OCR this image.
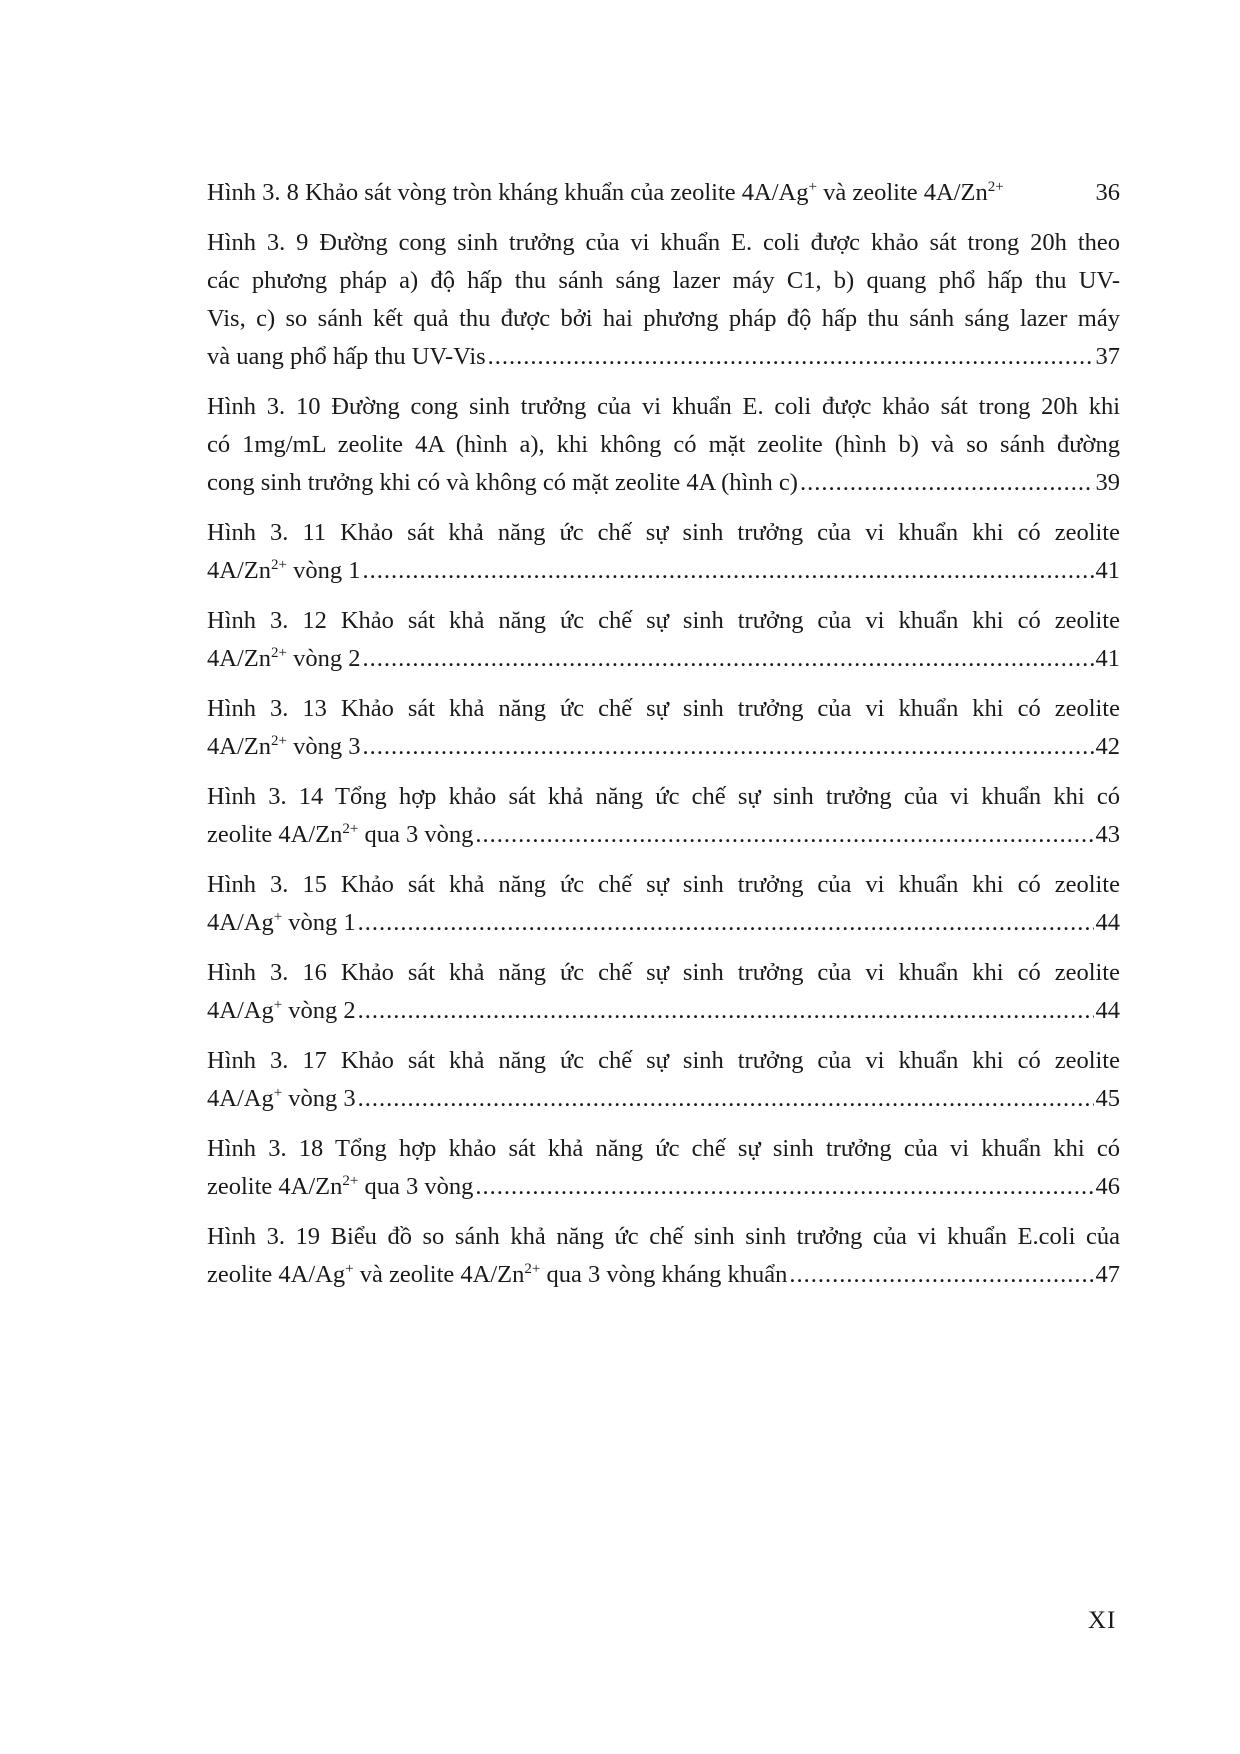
Hình 3. 8 Khảo sát vòng tròn kháng khuẩn của zeolite 4A/Ag+ và zeolite $4A/Zn^{2+}$	36
Hình 3. 9 Đường cong sinh trưởng của vi khuẩn E. coli được khảo sát trong 20h theo
các phương pháp a) độ hấp thu sánh sáng lazer máy C1, b) quang phổ hấp thu UV-
Vis, c) so sánh kết quả thu được bởi hai phương pháp độ hấp thu sánh sáng lazer máy
và uang phổ hấp thu UV-Vis .....	37
Hình 3. 10 Đường cong sinh trưởng của vi khuẩn E. coli được khảo sát trong 20h khi
có 1mg/mL zeolite 4A (hình a), khi không có mặt zeolite (hình b) và so sánh đường
cong sinh trưởng khi có và không có mặt zeolite 4A (hình c) .....	39
Hình 3. 11 Khảo sát khả năng ức chế sự sinh trưởng của vi khuẩn khi có zeolite
$4A/Zn^{2+}$ vòng 1 .....	41
Hình 3. 12 Khảo sát khả năng ức chế sự sinh trưởng của vi khuẩn khi có zeolite
$4A/Zn^{2+}$ vòng 2 .....	41
Hình 3. 13 Khảo sát khả năng ức chế sự sinh trưởng của vi khuẩn khi có zeolite
$4A/Zn^{2+}$ vòng 3 .....	42
Hình 3. 14 Tổng hợp khảo sát khả năng ức chế sự sinh trưởng của vi khuẩn khi có
zeolite $4A/Zn^{2+}$ qua 3 vòng .....	43
Hình 3. 15 Khảo sát khả năng ức chế sự sinh trưởng của vi khuẩn khi có zeolite
4A/Ag+ vòng 1 .....	44
Hình 3. 16 Khảo sát khả năng ức chế sự sinh trưởng của vi khuẩn khi có zeolite
4A/Ag+ vòng 2 .....	44
Hình 3. 17 Khảo sát khả năng ức chế sự sinh trưởng của vi khuẩn khi có zeolite
4A/Ag+ vòng 3 .....	45
Hình 3. 18 Tổng hợp khảo sát khả năng ức chế sự sinh trưởng của vi khuẩn khi có
zeolite $4A/Zn^{2+}$ qua 3 vòng .....	46
Hình 3. 19 Biểu đồ so sánh khả năng ức chế sinh sinh trưởng của vi khuẩn E.coli của
zeolite 4A/Ag+ và zeolite $4A/Zn^{2+}$ qua 3 vòng kháng khuẩn .....	47
XI
